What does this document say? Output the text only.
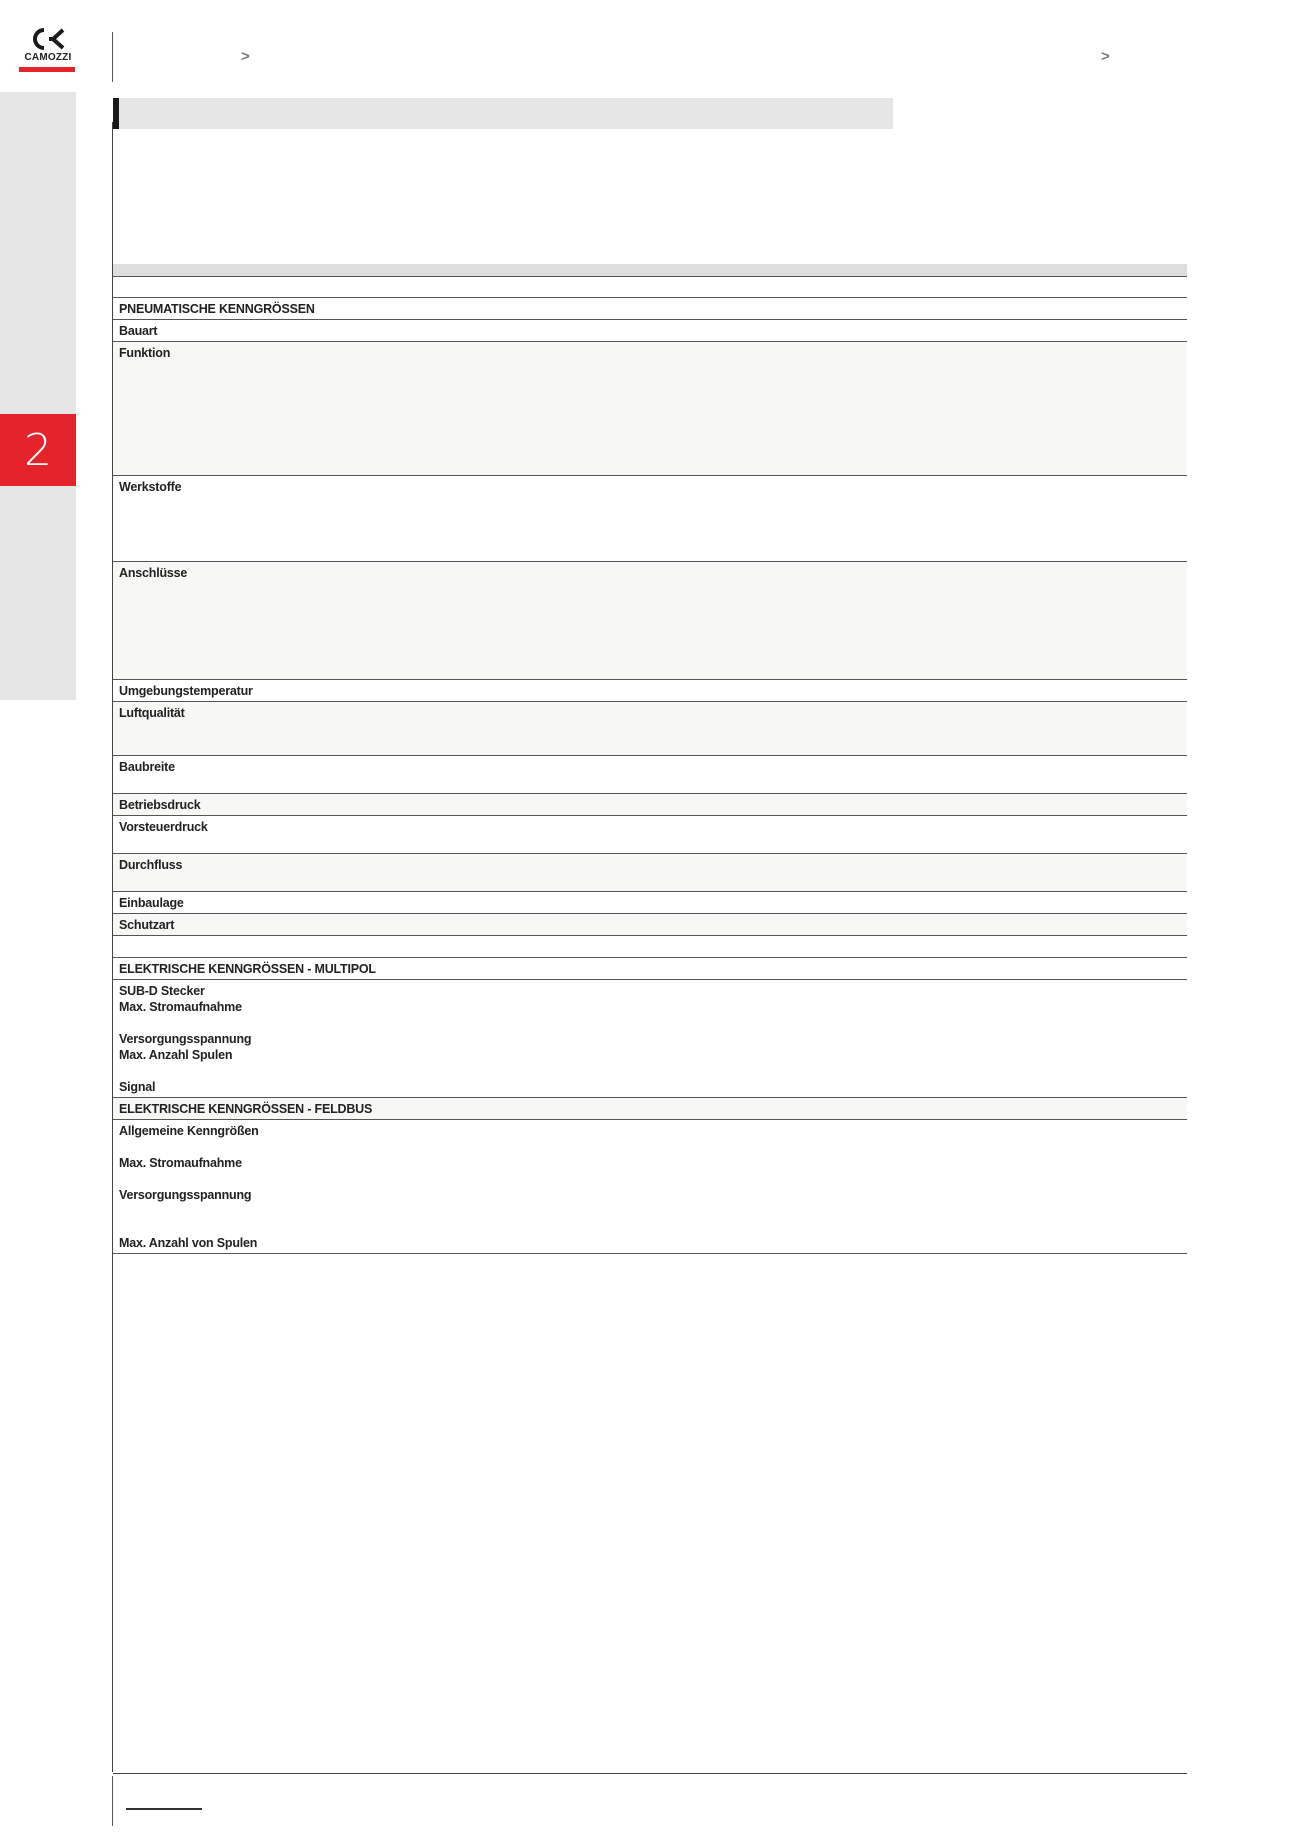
2
CAMOZZI	>	>
PNEUMATISCHE KENNGRÖSSEN
Bauart
Funktion
Werkstoffe
Anschlüsse
Umgebungstemperatur
Luftqualität
Baubreite
Betriebsdruck
Vorsteuerdruck
Durchfluss
Einbaulage
Schutzart
ELEKTRISCHE KENNGRÖSSEN - MULTIPOL
SUB-D Stecker
Max. Stromaufnahme
Versorgungsspannung
Max. Anzahl Spulen
Signal
ELEKTRISCHE KENNGRÖSSEN - FELDBUS
Allgemeine Kenngrößen
Max. Stromaufnahme
Versorgungsspannung
Max. Anzahl von Spulen
